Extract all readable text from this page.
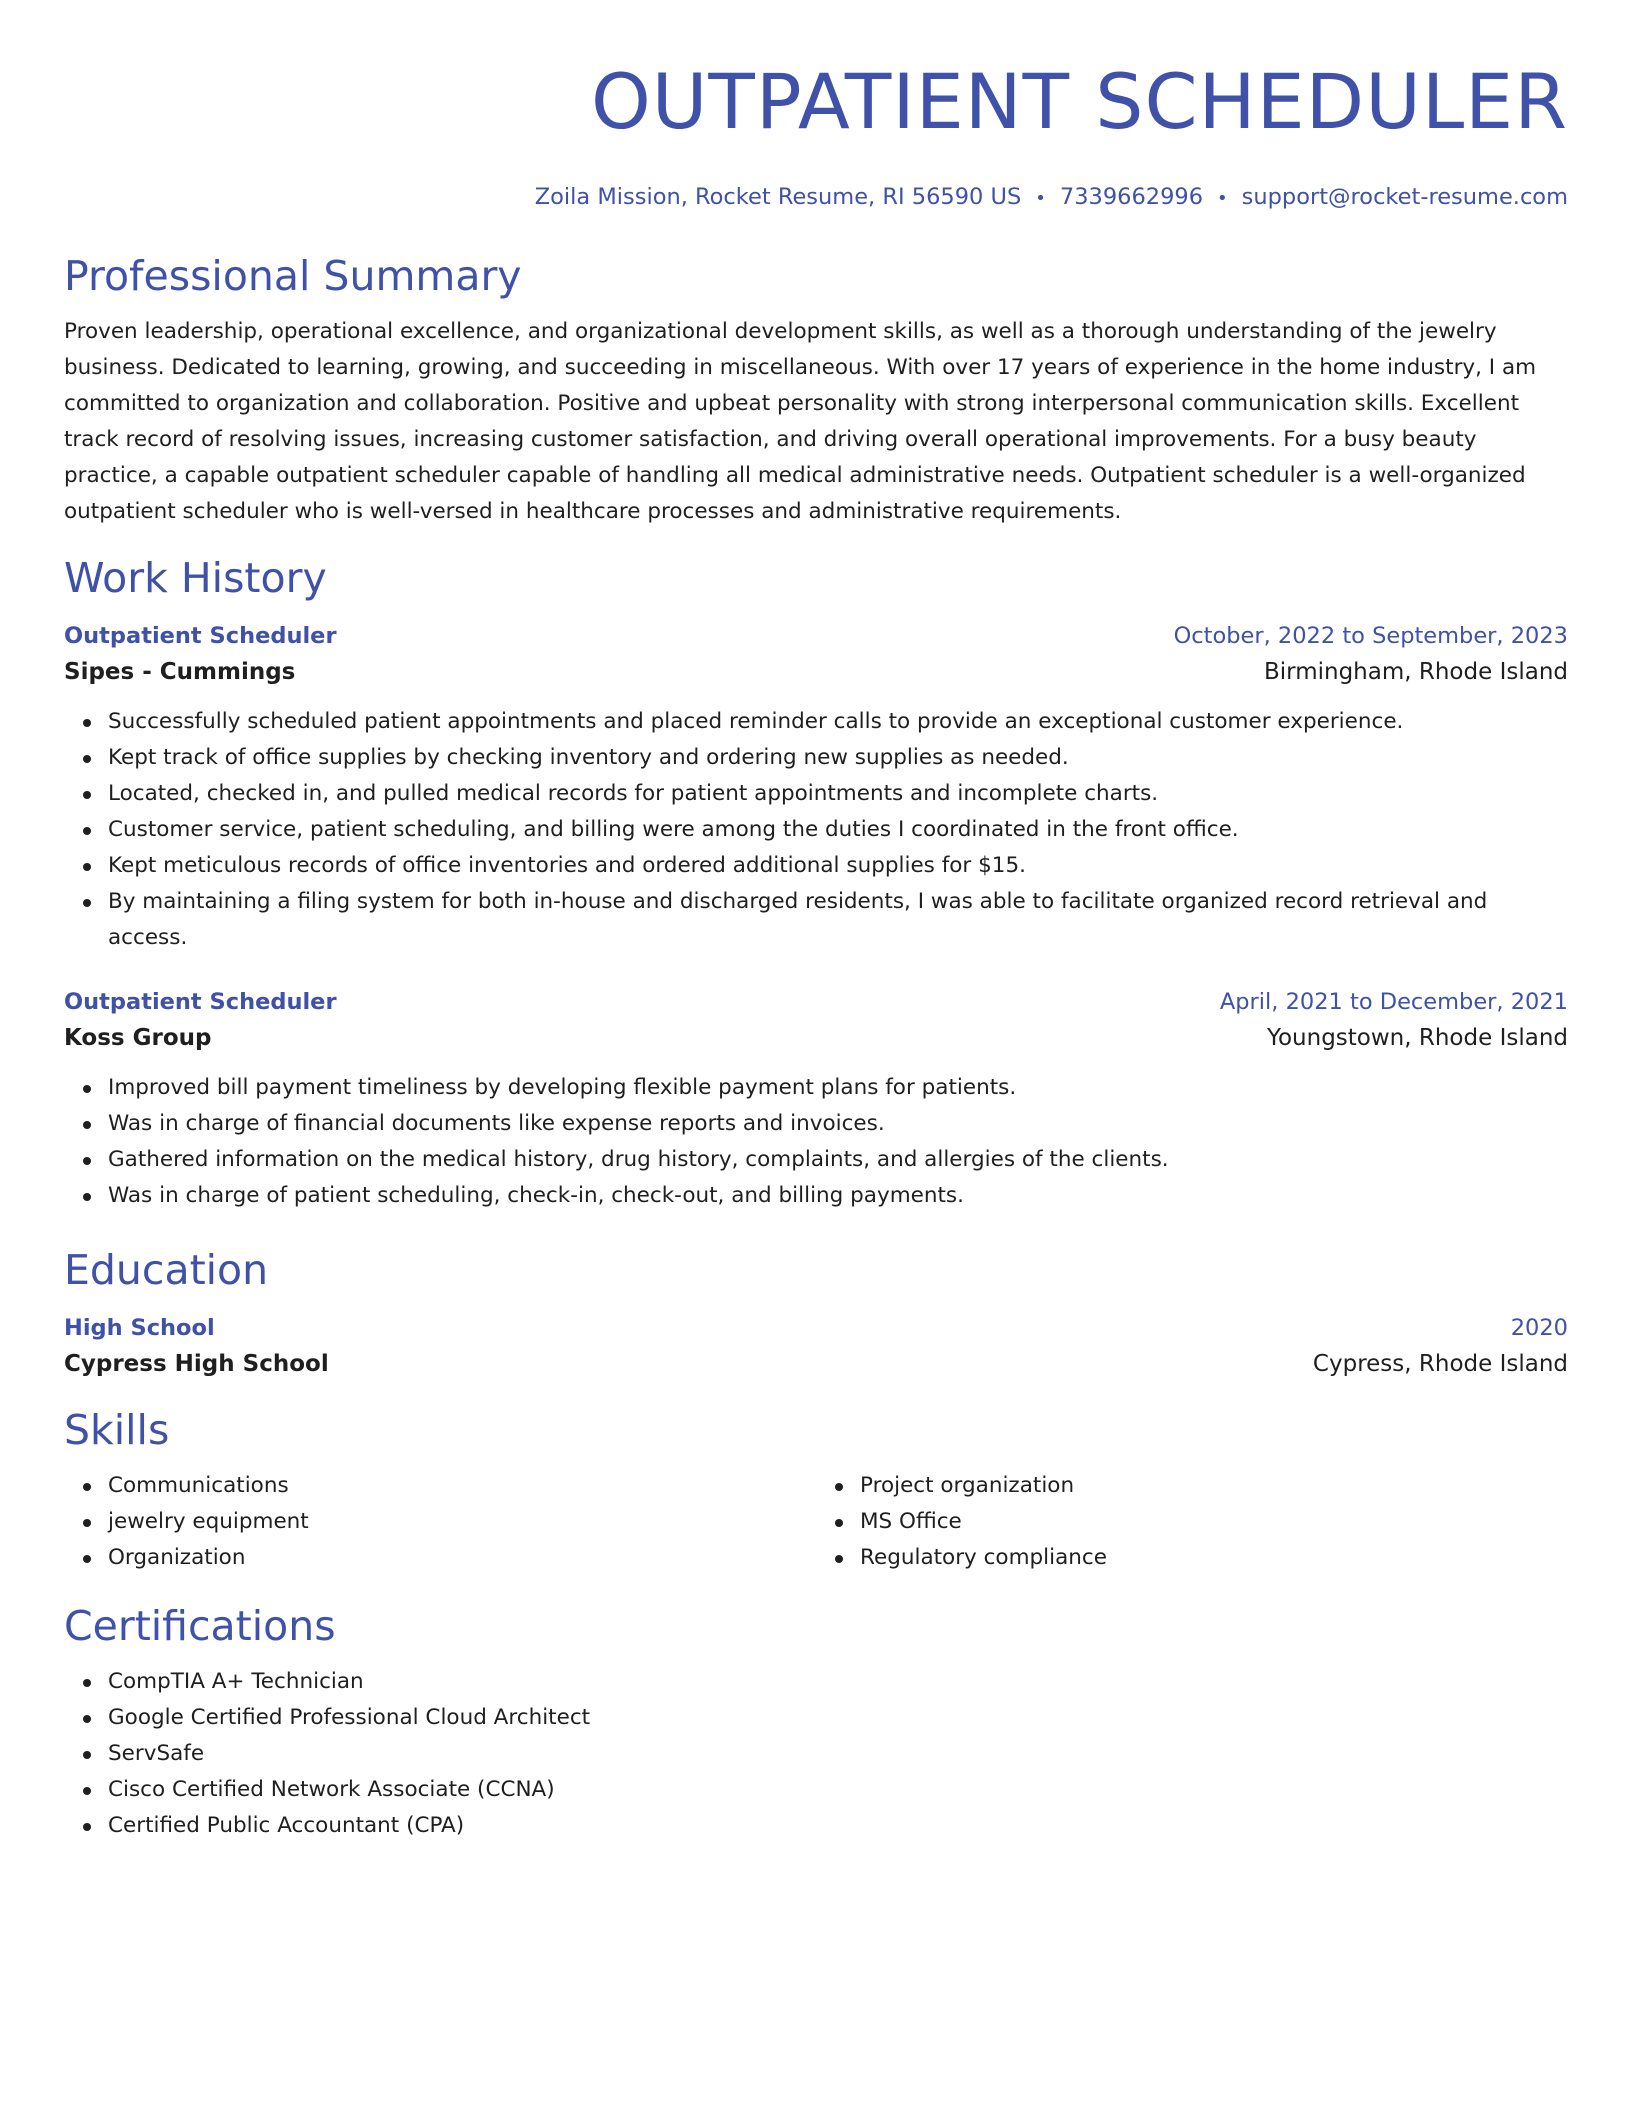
OUTPATIENT SCHEDULER
Zoila Mission, Rocket Resume, RI 56590 US • 7339662996 • support@rocket-resume.com
Professional Summary
Proven leadership, operational excellence, and organizational development skills, as well as a thorough understanding of the jewelry business. Dedicated to learning, growing, and succeeding in miscellaneous. With over 17 years of experience in the home industry, I am committed to organization and collaboration. Positive and upbeat personality with strong interpersonal communication skills. Excellent track record of resolving issues, increasing customer satisfaction, and driving overall operational improvements. For a busy beauty practice, a capable outpatient scheduler capable of handling all medical administrative needs. Outpatient scheduler is a well-organized outpatient scheduler who is well-versed in healthcare processes and administrative requirements.
Work History
Outpatient Scheduler	October, 2022 to September, 2023
Sipes - Cummings	Birmingham, Rhode Island
Successfully scheduled patient appointments and placed reminder calls to provide an exceptional customer experience.
Kept track of office supplies by checking inventory and ordering new supplies as needed.
Located, checked in, and pulled medical records for patient appointments and incomplete charts.
Customer service, patient scheduling, and billing were among the duties I coordinated in the front office.
Kept meticulous records of office inventories and ordered additional supplies for $15.
By maintaining a filing system for both in-house and discharged residents, I was able to facilitate organized record retrieval and access.
Outpatient Scheduler	April, 2021 to December, 2021
Koss Group	Youngstown, Rhode Island
Improved bill payment timeliness by developing flexible payment plans for patients.
Was in charge of financial documents like expense reports and invoices.
Gathered information on the medical history, drug history, complaints, and allergies of the clients.
Was in charge of patient scheduling, check-in, check-out, and billing payments.
Education
High School	2020
Cypress High School	Cypress, Rhode Island
Skills
Communications
jewelry equipment
Organization
Project organization
MS Office
Regulatory compliance
Certifications
CompTIA A+ Technician
Google Certified Professional Cloud Architect
ServSafe
Cisco Certified Network Associate (CCNA)
Certified Public Accountant (CPA)
